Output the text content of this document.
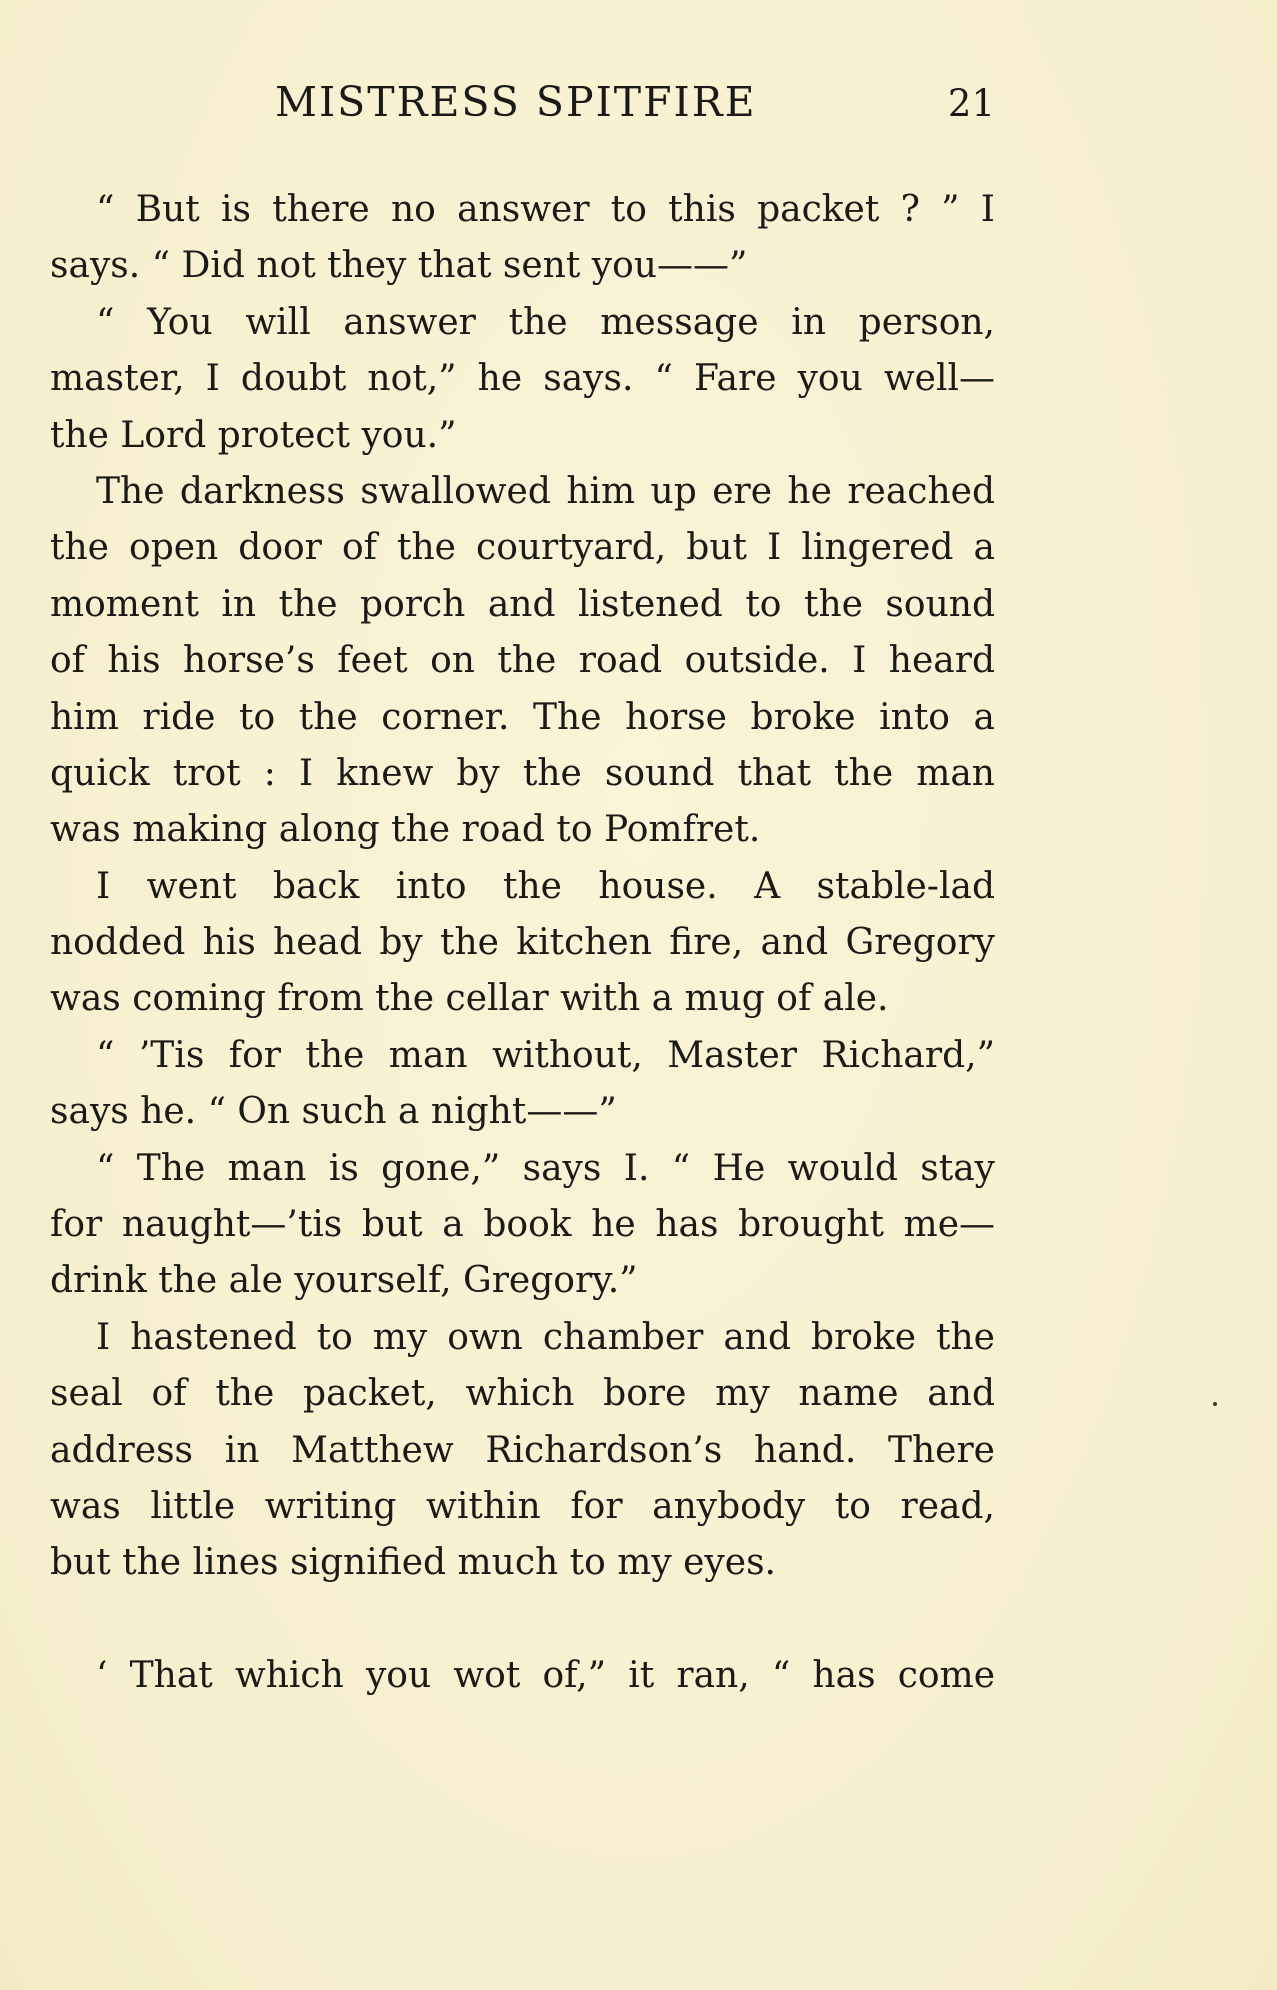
MISTRESS SPITFIRE	21
“ But is there no answer to this packet ? ” I
says. “ Did not they that sent you——”
“ You will answer the message in person,
master, I doubt not,” he says. “ Fare you well—
the Lord protect you.”
The darkness swallowed him up ere he reached
the open door of the courtyard, but I lingered a
moment in the porch and listened to the sound
of his horse’s feet on the road outside. I heard
him ride to the corner. The horse broke into a
quick trot : I knew by the sound that the man
was making along the road to Pomfret.
I went back into the house. A stable-lad
nodded his head by the kitchen fire, and Gregory
was coming from the cellar with a mug of ale.
“ ’Tis for the man without, Master Richard,”
says he. “ On such a night——”
“ The man is gone,” says I. “ He would stay
for naught—’tis but a book he has brought me—
drink the ale yourself, Gregory.”
I hastened to my own chamber and broke the
seal of the packet, which bore my name and
address in Matthew Richardson’s hand. There
was little writing within for anybody to read,
but the lines signified much to my eyes.
‘ That which you wot of,” it ran, “ has come
